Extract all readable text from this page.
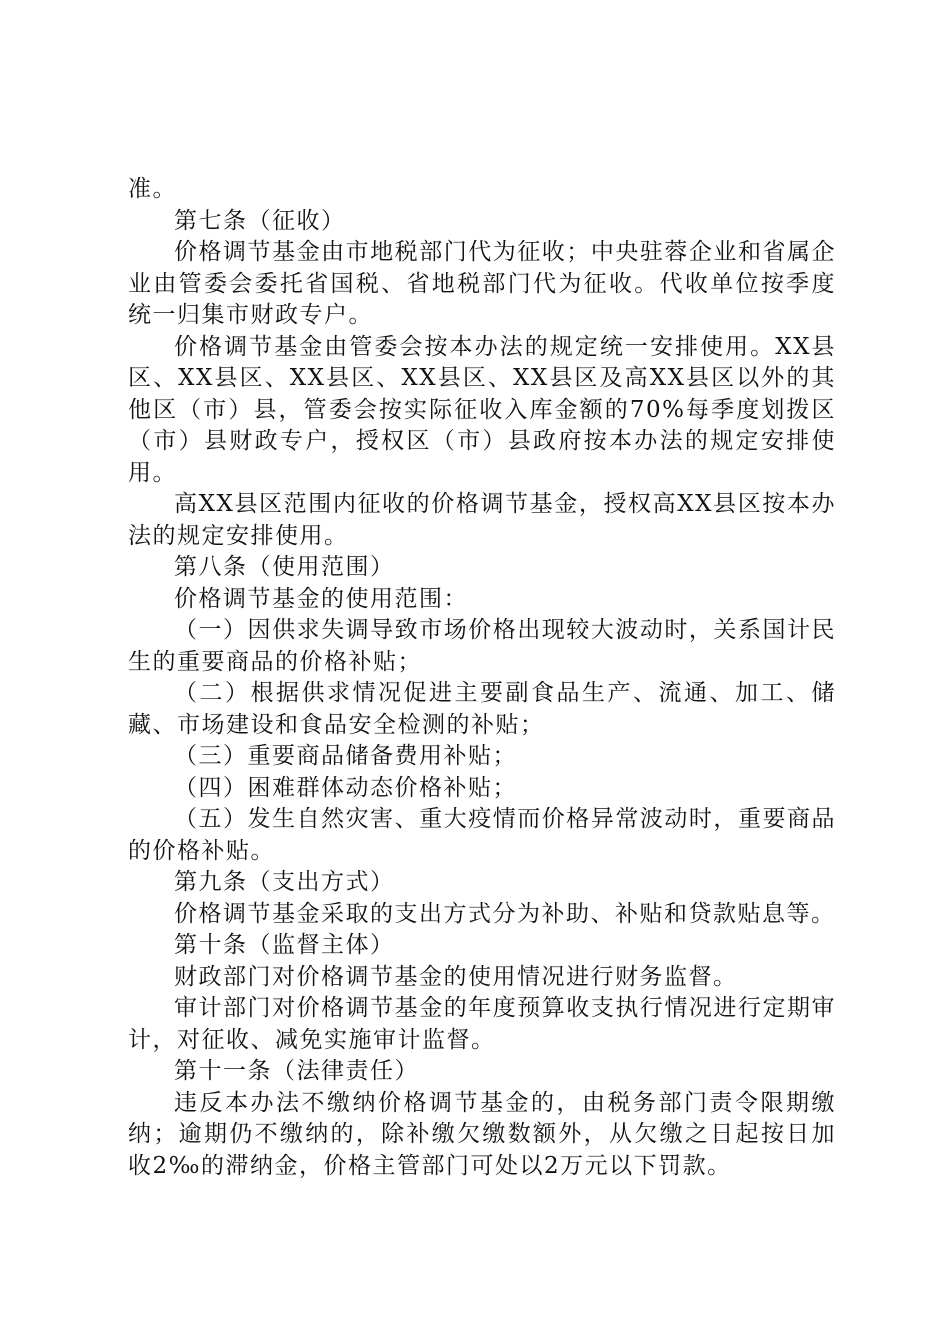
准。

第七条（征收）

价格调节基金由市地税部门代为征收；中央驻蓉企业和省属企业由管委会委托省国税、省地税部门代为征收。代收单位按季度统一归集市财政专户。

价格调节基金由管委会按本办法的规定统一安排使用。XX县区、XX县区、XX县区、XX县区、XX县区及高XX县区以外的其他区（市）县，管委会按实际征收入库金额的70%每季度划拨区（市）县财政专户，授权区（市）县政府按本办法的规定安排使用。

高XX县区范围内征收的价格调节基金，授权高XX县区按本办法的规定安排使用。

第八条（使用范围）

价格调节基金的使用范围：

（一）因供求失调导致市场价格出现较大波动时，关系国计民生的重要商品的价格补贴；

（二）根据供求情况促进主要副食品生产、流通、加工、储藏、市场建设和食品安全检测的补贴；

（三）重要商品储备费用补贴；

（四）困难群体动态价格补贴；

（五）发生自然灾害、重大疫情而价格异常波动时，重要商品的价格补贴。

第九条（支出方式）

价格调节基金采取的支出方式分为补助、补贴和贷款贴息等。

第十条（监督主体）

财政部门对价格调节基金的使用情况进行财务监督。

审计部门对价格调节基金的年度预算收支执行情况进行定期审计，对征收、减免实施审计监督。

第十一条（法律责任）

违反本办法不缴纳价格调节基金的，由税务部门责令限期缴纳；逾期仍不缴纳的，除补缴欠缴数额外，从欠缴之日起按日加收2‰的滞纳金，价格主管部门可处以2万元以下罚款。
